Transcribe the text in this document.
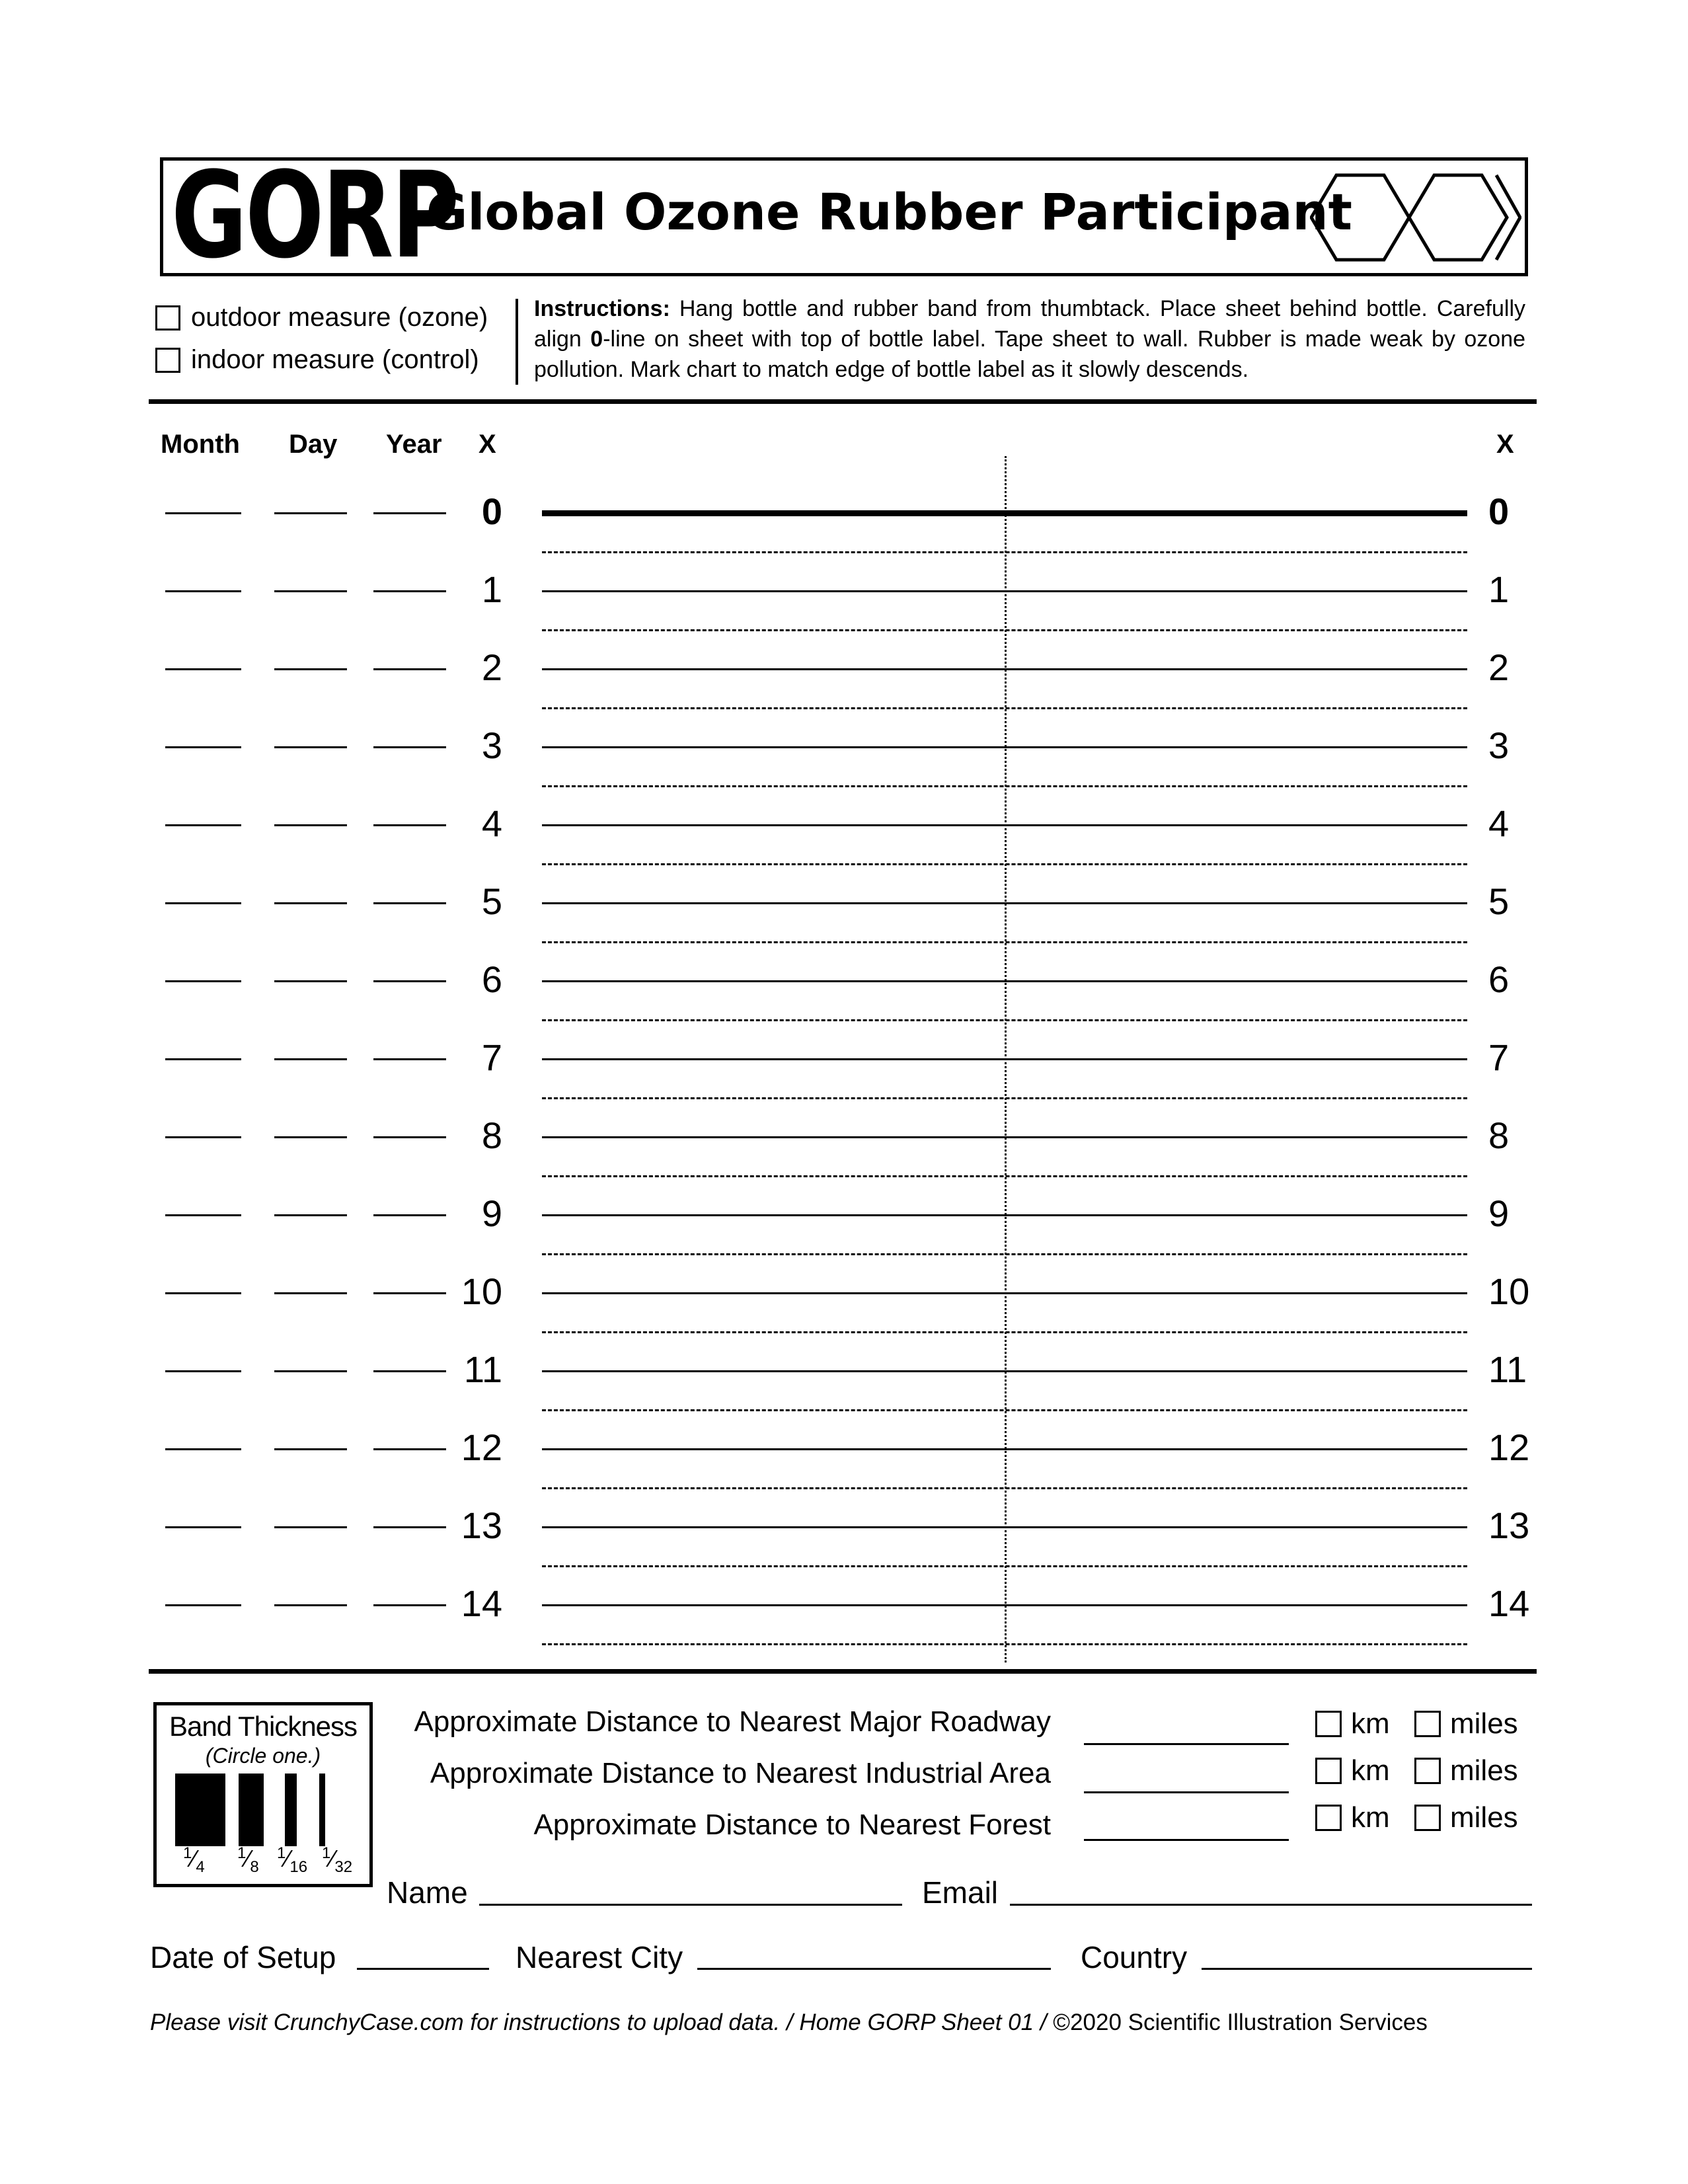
GORP
Global Ozone Rubber Participant
outdoor measure (ozone)
indoor measure (control)
Instructions: Hang bottle and rubber band from thumbtack. Place sheet behind bottle. Carefully align 0-line on sheet with top of bottle label. Tape sheet to wall. Rubber is made weak by ozone pollution. Mark chart to match edge of bottle label as it slowly descends.
Month Day Year X	X
0	0
1	1
2	2
3	3
4	4
5	5
6	6
7	7
8	8
9	9
10	10
11	11
12	12
13	13
14	14
Band Thickness
(Circle one.)
$^1⁄_4$
$^1⁄_8$
$^1⁄_{16}$
$^1⁄_{32}$
Approximate Distance to Nearest Major Roadway
Approximate Distance to Nearest Industrial Area
Approximate Distance to Nearest Forest
km miles
km miles
km miles
Name	Email
Date of Setup	Nearest City	Country
Please visit CrunchyCase.com for instructions to upload data. / Home GORP Sheet 01 / ©2020 Scientific Illustration Services
